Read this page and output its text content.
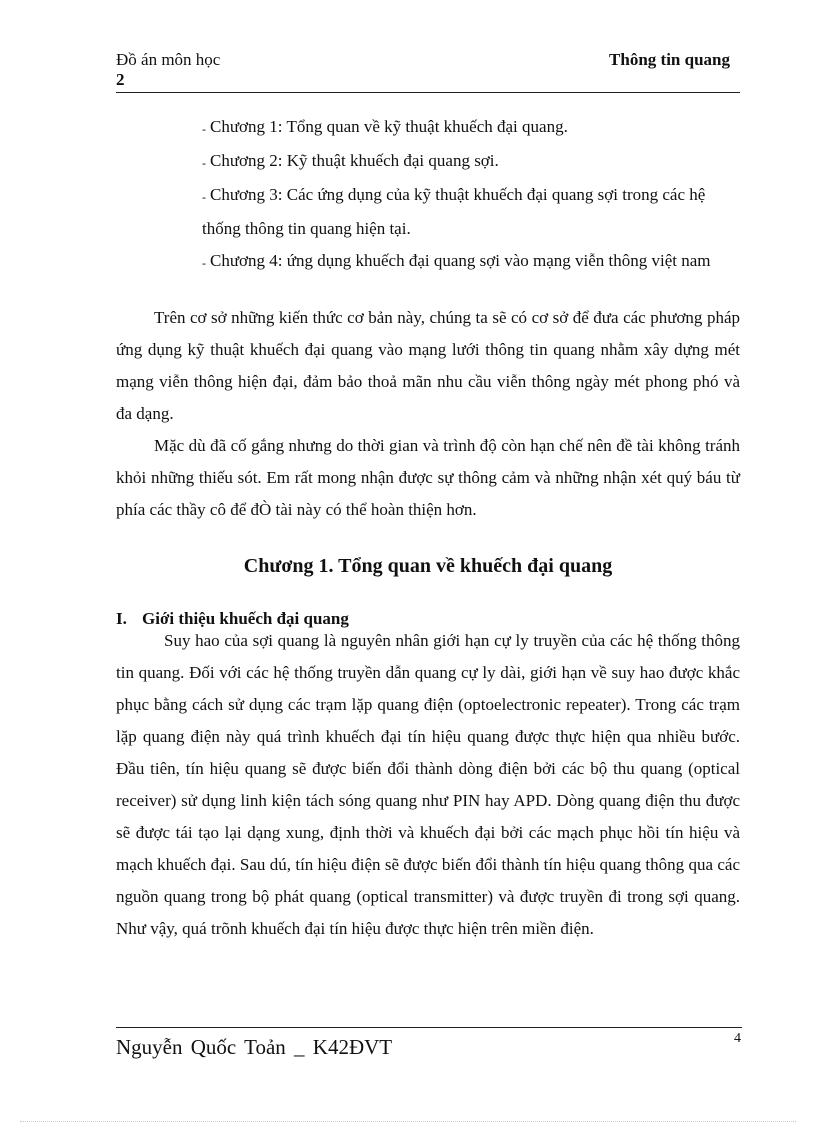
Đồ án môn học
2
Thông tin quang

- Chương 1: Tổng quan về kỹ thuật khuếch đại quang.

- Chương 2: Kỹ thuật khuếch đại quang sợi.

- Chương 3: Các ứng dụng của kỹ thuật khuếch đại quang sợi trong các hệ thống thông tin quang hiện tại.

- Chương 4: ứng dụng khuếch đại quang sợi vào mạng viễn thông việt nam

Trên cơ sở những kiến thức cơ bản này, chúng ta sẽ có cơ sở để đưa các phương pháp ứng dụng kỹ thuật khuếch đại quang vào mạng lưới thông tin quang nhằm xây dựng mét mạng viễn thông hiện đại, đảm bảo thoả mãn nhu cầu viễn thông ngày mét phong phó và đa dạng.

Mặc dù đã cố gắng nhưng do thời gian và trình độ còn hạn chế nên đề tài không tránh khỏi những thiếu sót. Em rất mong nhận được sự thông cảm và những nhận xét quý báu từ phía các thầy cô để đÒ tài này có thể hoàn thiện hơn.

Chương 1. Tổng quan về khuếch đại quang
I. Giới thiệu khuếch đại quang

Suy hao của sợi quang là nguyên nhân giới hạn cự ly truyền của các hệ thống thông tin quang. Đối với các hệ thống truyền dẫn quang cự ly dài, giới hạn về suy hao được khắc phục bằng cách sử dụng các trạm lặp quang điện (optoelectronic repeater). Trong các trạm lặp quang điện này quá trình khuếch đại tín hiệu quang được thực hiện qua nhiều bước. Đầu tiên, tín hiệu quang sẽ được biến đổi thành dòng điện bởi các bộ thu quang (optical receiver) sử dụng linh kiện tách sóng quang như PIN hay APD. Dòng quang điện thu được sẽ được tái tạo lại dạng xung, định thời và khuếch đại bởi các mạch phục hồi tín hiệu và mạch khuếch đại. Sau dú, tín hiệu điện sẽ được biến đổi thành tín hiệu quang thông qua các nguồn quang trong bộ phát quang (optical transmitter) và được truyền đi trong sợi quang. Như vậy, quá trõnh khuếch đại tín hiệu được thực hiện trên miền điện.

Nguyễn Quốc Toản _ K42ĐVT	4
